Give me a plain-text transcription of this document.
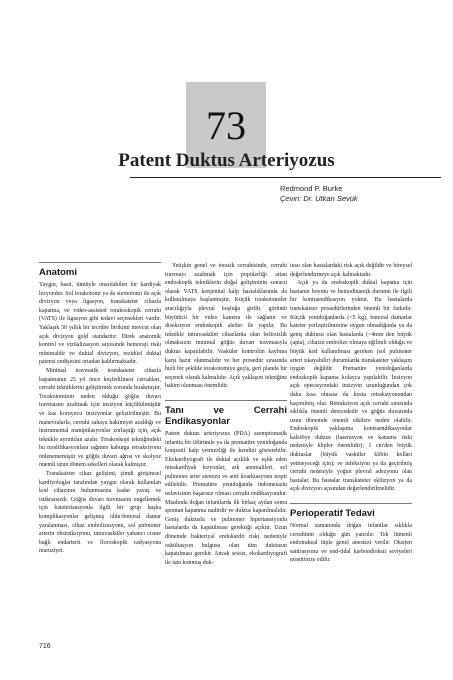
73
Patent Duktus Arteriyozus
Redmond P. Burke
Çeviri: Dr. Utkan Sevük
Anatomi

Yaygın, basit, tümüyle onarılabilen bir kardiyak lezyondur. Sol torakotomi ya da sternotomi ile açık divizyon veya ligasyon, transkateter cihazla kapatma, ve video-assisted torakoskopik cerrahi (VATS) ile ligasyon gibt tedavi seçenekleri vardır. Yaklaşık 50 yıllık bir tecrübe birikimi mevcut olan açık divizyon gold standarttır. Direk anatomik kontrol ve vizüalizasyon sayesinde hemoraji riski minimaldir ve duktal divizyon, rezidüel duktal patensi endişesini ortadan kaldırmaktadır.

Minimal travmatik transkateter cihazla kapatmanın 25 yıl önce keşfedilmesi cerrahları, cerrahi tekniklerini geliştirmek zorunda bırakmıştır. Torakotominin neden olduğu göğüs duvarı travmasını azaltmak için insizyon küçültülmüştür ve kas koruyucu insizyonlar geliştirilmiştir. Bu manevralarla, cerrahi sahaya hakimiyet azaldığı ve instrumental manipülasyonlar zorlaştığı için, açık teknikle ayrıntılan azalır. Torakoskopi tekniğindeki bu modifikasyonlara rağmen kaburga retraksiyonu önlenememiştir ve göğüs duvarı ağrısı ve skolyoz önemli uzun dönem sekelleri olarak kalmıştır.

Transkateter cihaz gelişimi, şimdi girişimsel kardiyologlar tarafından yaygın olarak kullanılan kod cihazının bulunmasına kadar yavaş ve istikrarsızdı. Göğüs duvarı travmasını engellemek için kateterizasyonla ilgili bir grup başka komplikasyonlar gelişmiş oldu:femoral damar yaralanması, cihaz embolizasyonu, sol pulmoner arterin obstrüksiyonu, intravasküler yabancı cisme bağlı endarterit ve floroskopik radyasyona maruziyet.

Yetişkin genel ve torasik cerrahisinde, cerrahi travmayı azaltmak için popülerliği artan endoskopik tekniklerin doğal gelişiminin sonucu olarak VATS konjenital kalp hastalıklarında da kullanılmaya başlanmıştır. Küçük torakotomiler aracılığıyla plevral boşluğa girilir, görüntü büyütücü bir video kamera ile sağlanır ve diseksiyon endoskopik aletler ile yapılır. Bu teknikle intravasküler cihazlarda olan belirsizlik olmaksızın minimal göğüs duvarı travmasıyla duktus kapatılabilir. Vasküler kontrolün kaybına karşı hazır olunmalıdır ve her prosedür sırasında hızlı bir şekilde torakotomiye geçiş, geri planda bir seçenek olarak kalmalıdır. Açık yaklaşım tekniğine hakim olunması önemlidir.

Tanı ve Cerrahi Endikasyonlar

Patent duktus arteriyozus (PDA) asemptomatik infantta bir üfürümle ya da prematüre yenidoğanda konjestif kalp yetmezliği ile kendini gösterebilir. Ekokardiyografi ile duktal açıklık ve eşlik eden intrakardiyak lezyonlar, ark anomalileri, sol pulmoner arter stenozu ve aort koarktasyonu tespit edilebilir. Prematüre yenidoğanda indometazin tedavisinin başarısız olması cerrahi endikasyondur. Miadında doğan infantlarda ilk birkaç aydan sonra spontan kapanma nadirdir ve duktus kapatılmalıdır. Geniş duktuslu ve pulmoner hipertansiyonlu hastalarda da kapatılması gerektiği açıktır. Uzun dönemde bakteriyal endokardit riski nedeniyle oskültasyon bulgusu olan tüm duktusun kapatılması gerekir. Ancak sessiz, ekokardiyografi ile tanı konmuş duk-

tusu olan hastalardaki risk açık değildir ve bireysel değerlendirmeye açık kalmaktadır.

Açık ya da endoskopik duktal kapama için hastanın boyutu ve hemodinamik durumu ile ilgili bir kontraendikasyon yoktur. Bu hastalarda transkateter prosedürlerinden önemli bir farkıdır. Küçük yenidoğanlarda (<5 kg), femoral damarlar kateter yerleştirilmesine uygun olmadığında ya da geniş duktusu olan hastalarda (>4mm den büyük çapta), cihazın embolize olmaya eğilimli olduğu ve büyük kod kullanılması gereken (sol pulmoner arteri tıkayabilir) durumlarda transkateter yaklaşım uygun değildir. Prematüre yenidoğanlarda endoskopik kapama kolayca yapılabilir. İnsizyon açık operasyondaki insizyon uzunluğundan çok daha kısa olmasa da kosta retraksiyonundan kaçınılmış olur. Retraksiyon açık cerrahi sırasında sıklıkla önemli derecededir ve göğüs duvarında uzun dönemde önemli etkilere neden olabilir. Endoskopik yaklaşıma kontraendikasyonlar kalsifiye duktus (laserasyon ve kanama riski nedeniyle klipler önemlidir); 1 cm'den büyük duktuslar (büyük vasküler klibin kolları yetmeyeceği için); ve infeksiyon ya da geçirilmiş cerrahi nedeniyle yoğun plevral adezyonu olan hastalar. Bu hastalar transkateter oklüzyon ya da açık divizyon açısından değerlendirilmelidir.

Perioperatif Tedavi

Normal zamanında doğan infantlar sıklıkla cerrahinin olduğu gün yatırılır. Tek lümenli endotrakeal tüple genel anestezi verilir. Oksijen satürasyonu ve end-tidal karbondioksit seviyeleri monitörize edilir.

716
